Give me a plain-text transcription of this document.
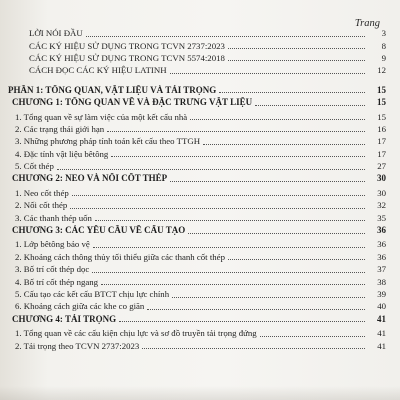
Trang
LỜI NÓI ĐẦU	3
CÁC KÝ HIỆU SỬ DỤNG TRONG TCVN 2737:2023	8
CÁC KÝ HIỆU SỬ DỤNG TRONG TCVN 5574:2018	9
CÁCH ĐỌC CÁC KÝ HIỆU LATINH	12
PHẦN 1: TỔNG QUAN, VẬT LIỆU VÀ TẢI TRỌNG	15
CHƯƠNG 1: TỔNG QUAN VỀ VÀ ĐẶC TRƯNG VẬT LIỆU	15
1. Tổng quan về sự làm việc của một kết cấu nhà	15
2. Các trạng thái giới hạn	16
3. Những phương pháp tính toán kết cấu theo TTGH	17
4. Đặc tính vật liệu bêtông	17
5. Cốt thép	27
CHƯƠNG 2: NEO VÀ NỐI CỐT THÉP	30
1. Neo cốt thép	30
2. Nối cốt thép	32
3. Các thanh thép uốn	35
CHƯƠNG 3: CÁC YÊU CẦU VỀ CẤU TẠO	36
1. Lớp bêtông bảo vệ	36
2. Khoảng cách thông thủy tối thiểu giữa các thanh cốt thép	36
3. Bố trí cốt thép dọc	37
4. Bố trí cốt thép ngang	38
5. Cấu tạo các kết cấu BTCT chịu lực chính	39
6. Khoảng cách giữa các khe co giãn	40
CHƯƠNG 4: TẢI TRỌNG	41
1. Tổng quan về các cấu kiện chịu lực và sơ đồ truyền tải trọng đứng	41
2. Tải trọng theo TCVN 2737:2023	41
